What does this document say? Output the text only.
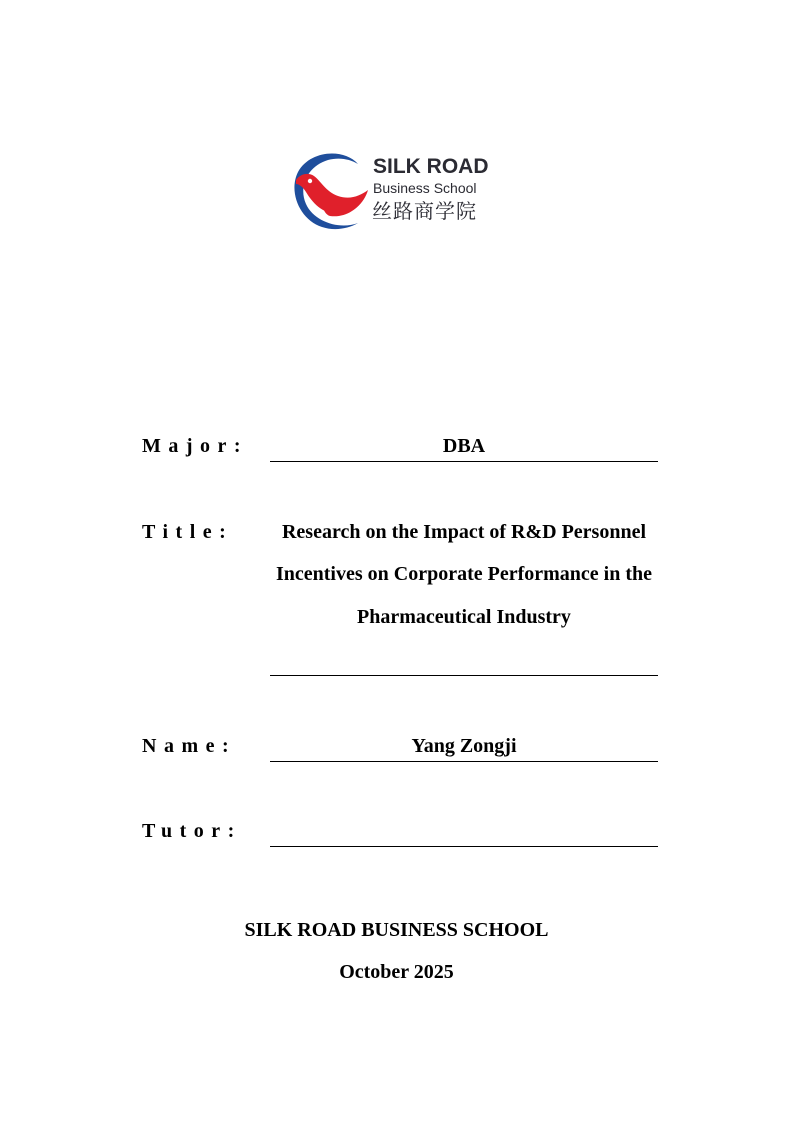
SILK ROAD
Business School
丝路商学院
Major:	DBA
Title:	Research on the Impact of R&D Personnel Incentives on Corporate Performance in the Pharmaceutical Industry
Name:	Yang Zongji
Tutor:
SILK ROAD BUSINESS SCHOOL
October 2025
